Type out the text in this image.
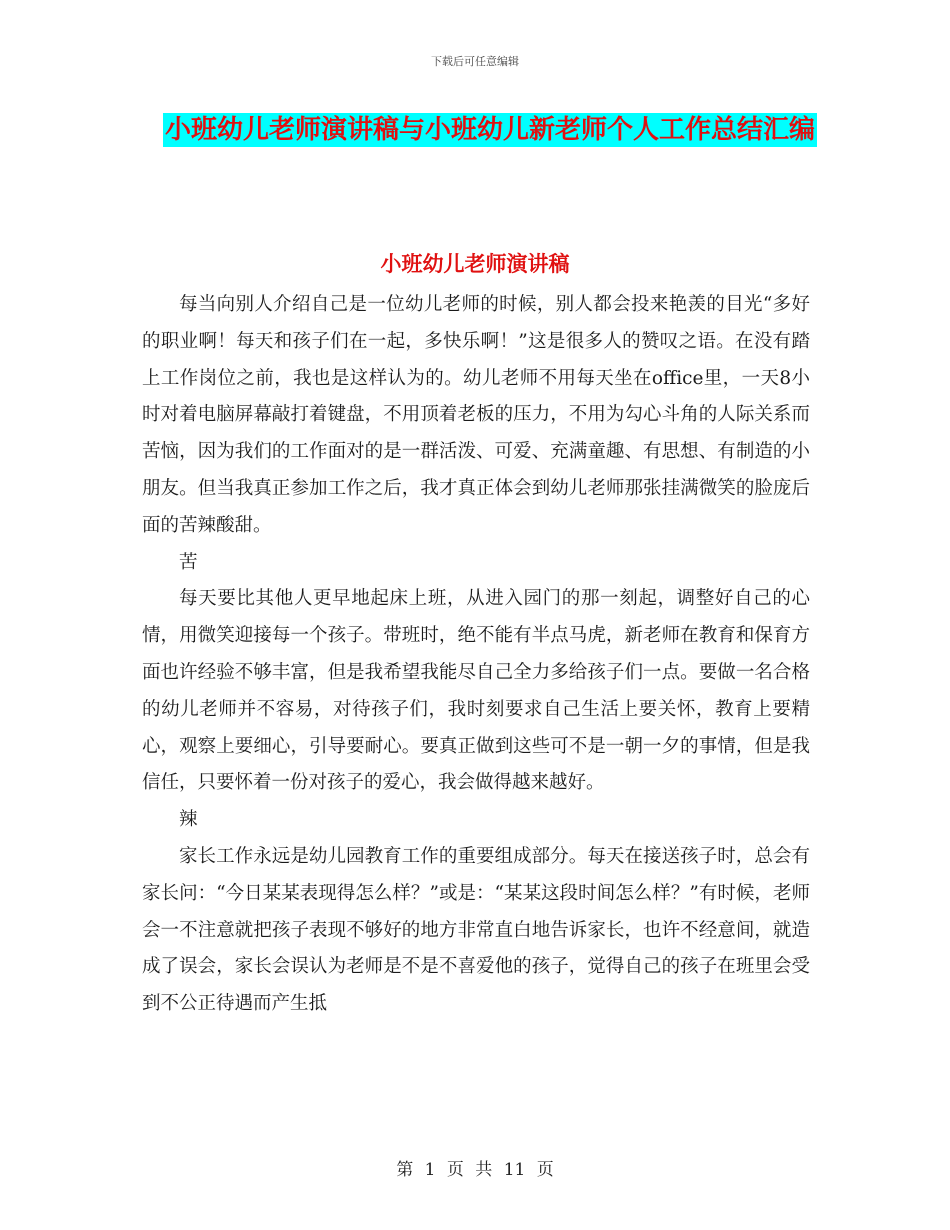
下载后可任意编辑
小班幼儿老师演讲稿与小班幼儿新老师个人工作总结汇编
小班幼儿老师演讲稿

每当向别人介绍自己是一位幼儿老师的时候，别人都会投来艳羡的目光“多好的职业啊！每天和孩子们在一起，多快乐啊！”这是很多人的赞叹之语。在没有踏上工作岗位之前，我也是这样认为的。幼儿老师不用每天坐在office里，一天8小时对着电脑屏幕敲打着键盘，不用顶着老板的压力，不用为勾心斗角的人际关系而苦恼，因为我们的工作面对的是一群活泼、可爱、充满童趣、有思想、有制造的小朋友。但当我真正参加工作之后，我才真正体会到幼儿老师那张挂满微笑的脸庞后面的苦辣酸甜。

苦

每天要比其他人更早地起床上班，从进入园门的那一刻起，调整好自己的心情，用微笑迎接每一个孩子。带班时，绝不能有半点马虎，新老师在教育和保育方面也许经验不够丰富，但是我希望我能尽自己全力多给孩子们一点。要做一名合格的幼儿老师并不容易，对待孩子们，我时刻要求自己生活上要关怀，教育上要精心，观察上要细心，引导要耐心。要真正做到这些可不是一朝一夕的事情，但是我信任，只要怀着一份对孩子的爱心，我会做得越来越好。

辣

家长工作永远是幼儿园教育工作的重要组成部分。每天在接送孩子时，总会有家长问：“今日某某表现得怎么样？”或是：“某某这段时间怎么样？”有时候，老师会一不注意就把孩子表现不够好的地方非常直白地告诉家长，也许不经意间，就造成了误会，家长会误认为老师是不是不喜爱他的孩子，觉得自己的孩子在班里会受到不公正待遇而产生抵

第 1 页 共 11 页
